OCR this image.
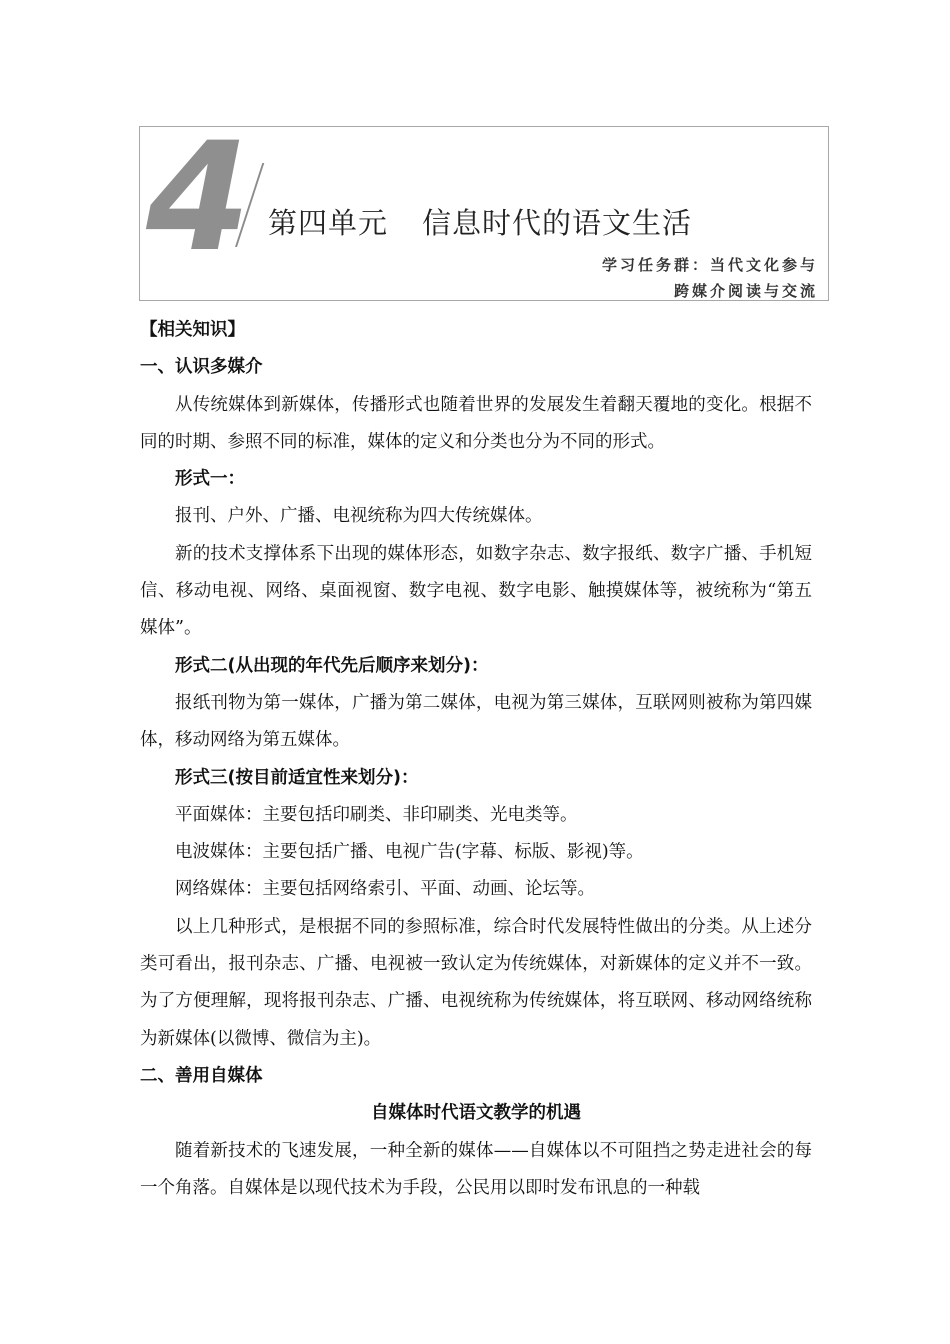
4 第四单元 信息时代的语文生活
学习任务群：当代文化参与
跨媒介阅读与交流

【相关知识】

一、认识多媒介

从传统媒体到新媒体，传播形式也随着世界的发展发生着翻天覆地的变化。根据不同的时期、参照不同的标准，媒体的定义和分类也分为不同的形式。

形式一：

报刊、户外、广播、电视统称为四大传统媒体。

新的技术支撑体系下出现的媒体形态，如数字杂志、数字报纸、数字广播、手机短信、移动电视、网络、桌面视窗、数字电视、数字电影、触摸媒体等，被统称为“第五媒体”。

形式二(从出现的年代先后顺序来划分)：

报纸刊物为第一媒体，广播为第二媒体，电视为第三媒体，互联网则被称为第四媒体，移动网络为第五媒体。

形式三(按目前适宜性来划分)：

平面媒体：主要包括印刷类、非印刷类、光电类等。

电波媒体：主要包括广播、电视广告(字幕、标版、影视)等。

网络媒体：主要包括网络索引、平面、动画、论坛等。

以上几种形式，是根据不同的参照标准，综合时代发展特性做出的分类。从上述分类可看出，报刊杂志、广播、电视被一致认定为传统媒体，对新媒体的定义并不一致。为了方便理解，现将报刊杂志、广播、电视统称为传统媒体，将互联网、移动网络统称为新媒体(以微博、微信为主)。

二、善用自媒体

自媒体时代语文教学的机遇

随着新技术的飞速发展，一种全新的媒体——自媒体以不可阻挡之势走进社会的每一个角落。自媒体是以现代技术为手段，公民用以即时发布讯息的一种载
